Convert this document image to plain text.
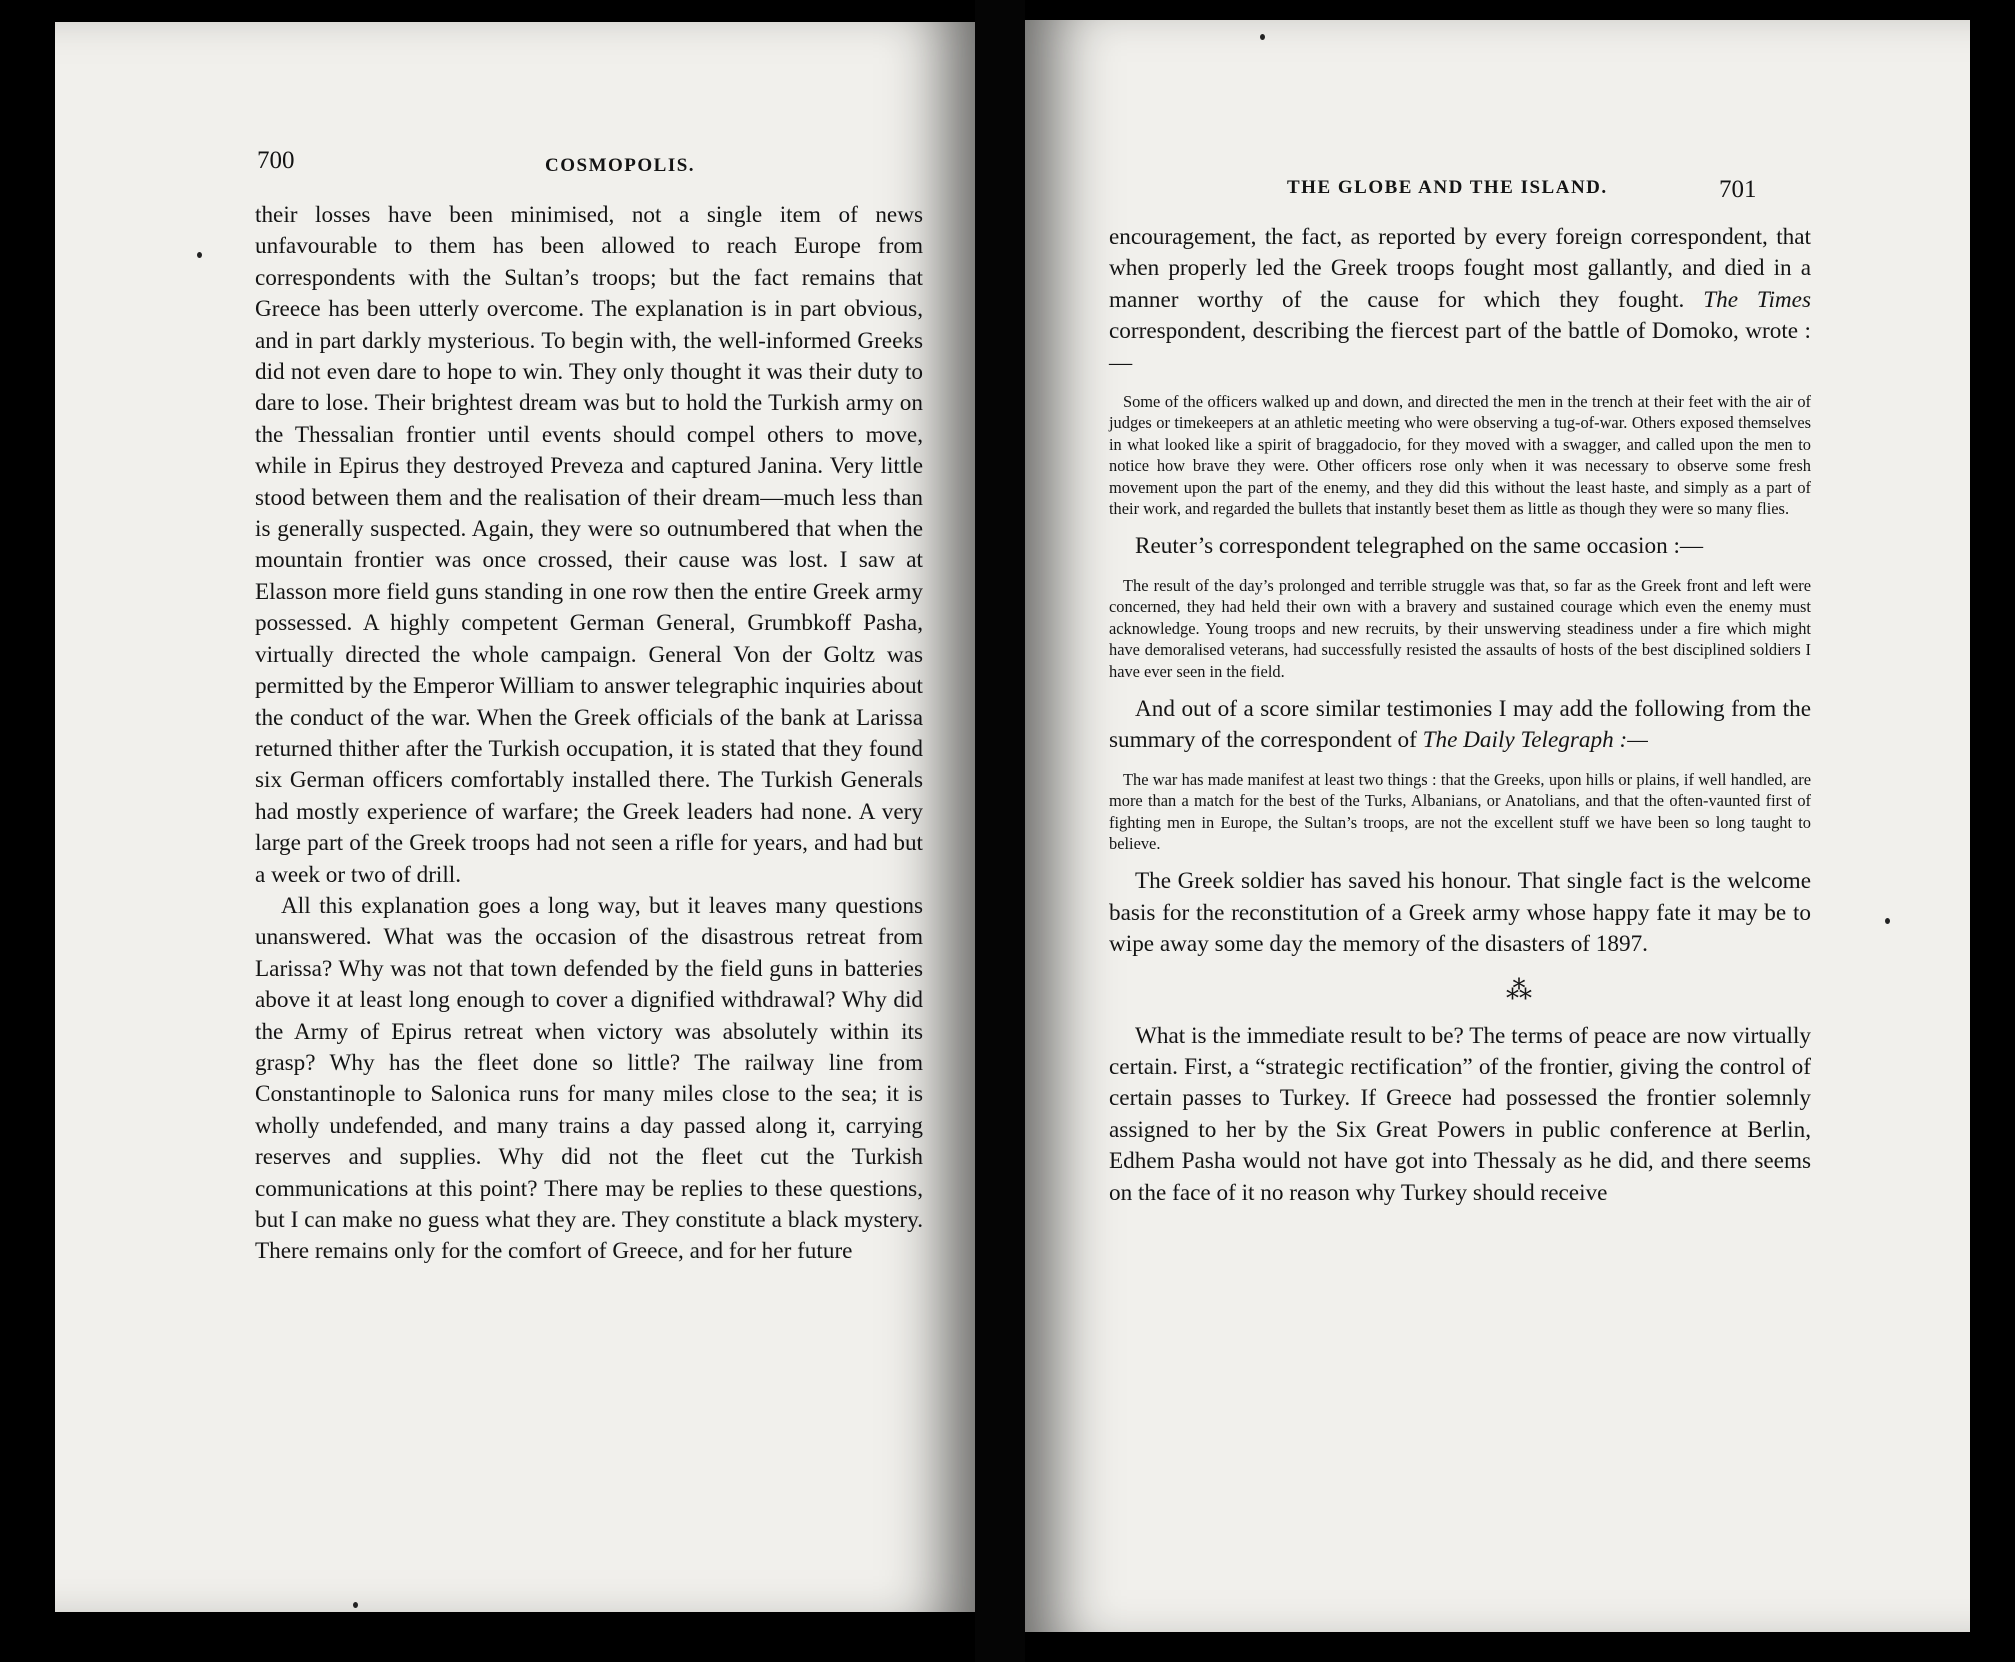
700	COSMOPOLIS.

their losses have been minimised, not a single item of news unfavourable to them has been allowed to reach Europe from correspondents with the Sultan’s troops; but the fact remains that Greece has been utterly overcome. The explanation is in part obvious, and in part darkly mysterious. To begin with, the well-informed Greeks did not even dare to hope to win. They only thought it was their duty to dare to lose. Their brightest dream was but to hold the Turkish army on the Thessalian frontier until events should compel others to move, while in Epirus they destroyed Preveza and captured Janina. Very little stood between them and the realisation of their dream—much less than is generally suspected. Again, they were so outnumbered that when the mountain frontier was once crossed, their cause was lost. I saw at Elasson more field guns standing in one row then the entire Greek army possessed. A highly competent German General, Grumbkoff Pasha, virtually directed the whole campaign. General Von der Goltz was permitted by the Emperor William to answer telegraphic inquiries about the conduct of the war. When the Greek officials of the bank at Larissa returned thither after the Turkish occupation, it is stated that they found six German officers comfortably installed there. The Turkish Generals had mostly experience of warfare; the Greek leaders had none. A very large part of the Greek troops had not seen a rifle for years, and had but a week or two of drill.

All this explanation goes a long way, but it leaves many questions unanswered. What was the occasion of the disastrous retreat from Larissa? Why was not that town defended by the field guns in batteries above it at least long enough to cover a dignified withdrawal? Why did the Army of Epirus retreat when victory was absolutely within its grasp? Why has the fleet done so little? The railway line from Constantinople to Salonica runs for many miles close to the sea; it is wholly undefended, and many trains a day passed along it, carrying reserves and supplies. Why did not the fleet cut the Turkish communications at this point? There may be replies to these questions, but I can make no guess what they are. They constitute a black mystery. There remains only for the comfort of Greece, and for her future

THE GLOBE AND THE ISLAND.	701

encouragement, the fact, as reported by every foreign correspondent, that when properly led the Greek troops fought most gallantly, and died in a manner worthy of the cause for which they fought. The Times correspondent, describing the fiercest part of the battle of Domoko, wrote :—

Some of the officers walked up and down, and directed the men in the trench at their feet with the air of judges or timekeepers at an athletic meeting who were observing a tug-of-war. Others exposed themselves in what looked like a spirit of braggadocio, for they moved with a swagger, and called upon the men to notice how brave they were. Other officers rose only when it was necessary to observe some fresh movement upon the part of the enemy, and they did this without the least haste, and simply as a part of their work, and regarded the bullets that instantly beset them as little as though they were so many flies.

Reuter’s correspondent telegraphed on the same occasion :—

The result of the day’s prolonged and terrible struggle was that, so far as the Greek front and left were concerned, they had held their own with a bravery and sustained courage which even the enemy must acknowledge. Young troops and new recruits, by their unswerving steadiness under a fire which might have demoralised veterans, had successfully resisted the assaults of hosts of the best disciplined soldiers I have ever seen in the field.

And out of a score similar testimonies I may add the following from the summary of the correspondent of The Daily Telegraph :—

The war has made manifest at least two things : that the Greeks, upon hills or plains, if well handled, are more than a match for the best of the Turks, Albanians, or Anatolians, and that the often-vaunted first of fighting men in Europe, the Sultan’s troops, are not the excellent stuff we have been so long taught to believe.

The Greek soldier has saved his honour. That single fact is the welcome basis for the reconstitution of a Greek army whose happy fate it may be to wipe away some day the memory of the disasters of 1897.

⁂

What is the immediate result to be? The terms of peace are now virtually certain. First, a “strategic rectification” of the frontier, giving the control of certain passes to Turkey. If Greece had possessed the frontier solemnly assigned to her by the Six Great Powers in public conference at Berlin, Edhem Pasha would not have got into Thessaly as he did, and there seems on the face of it no reason why Turkey should receive
